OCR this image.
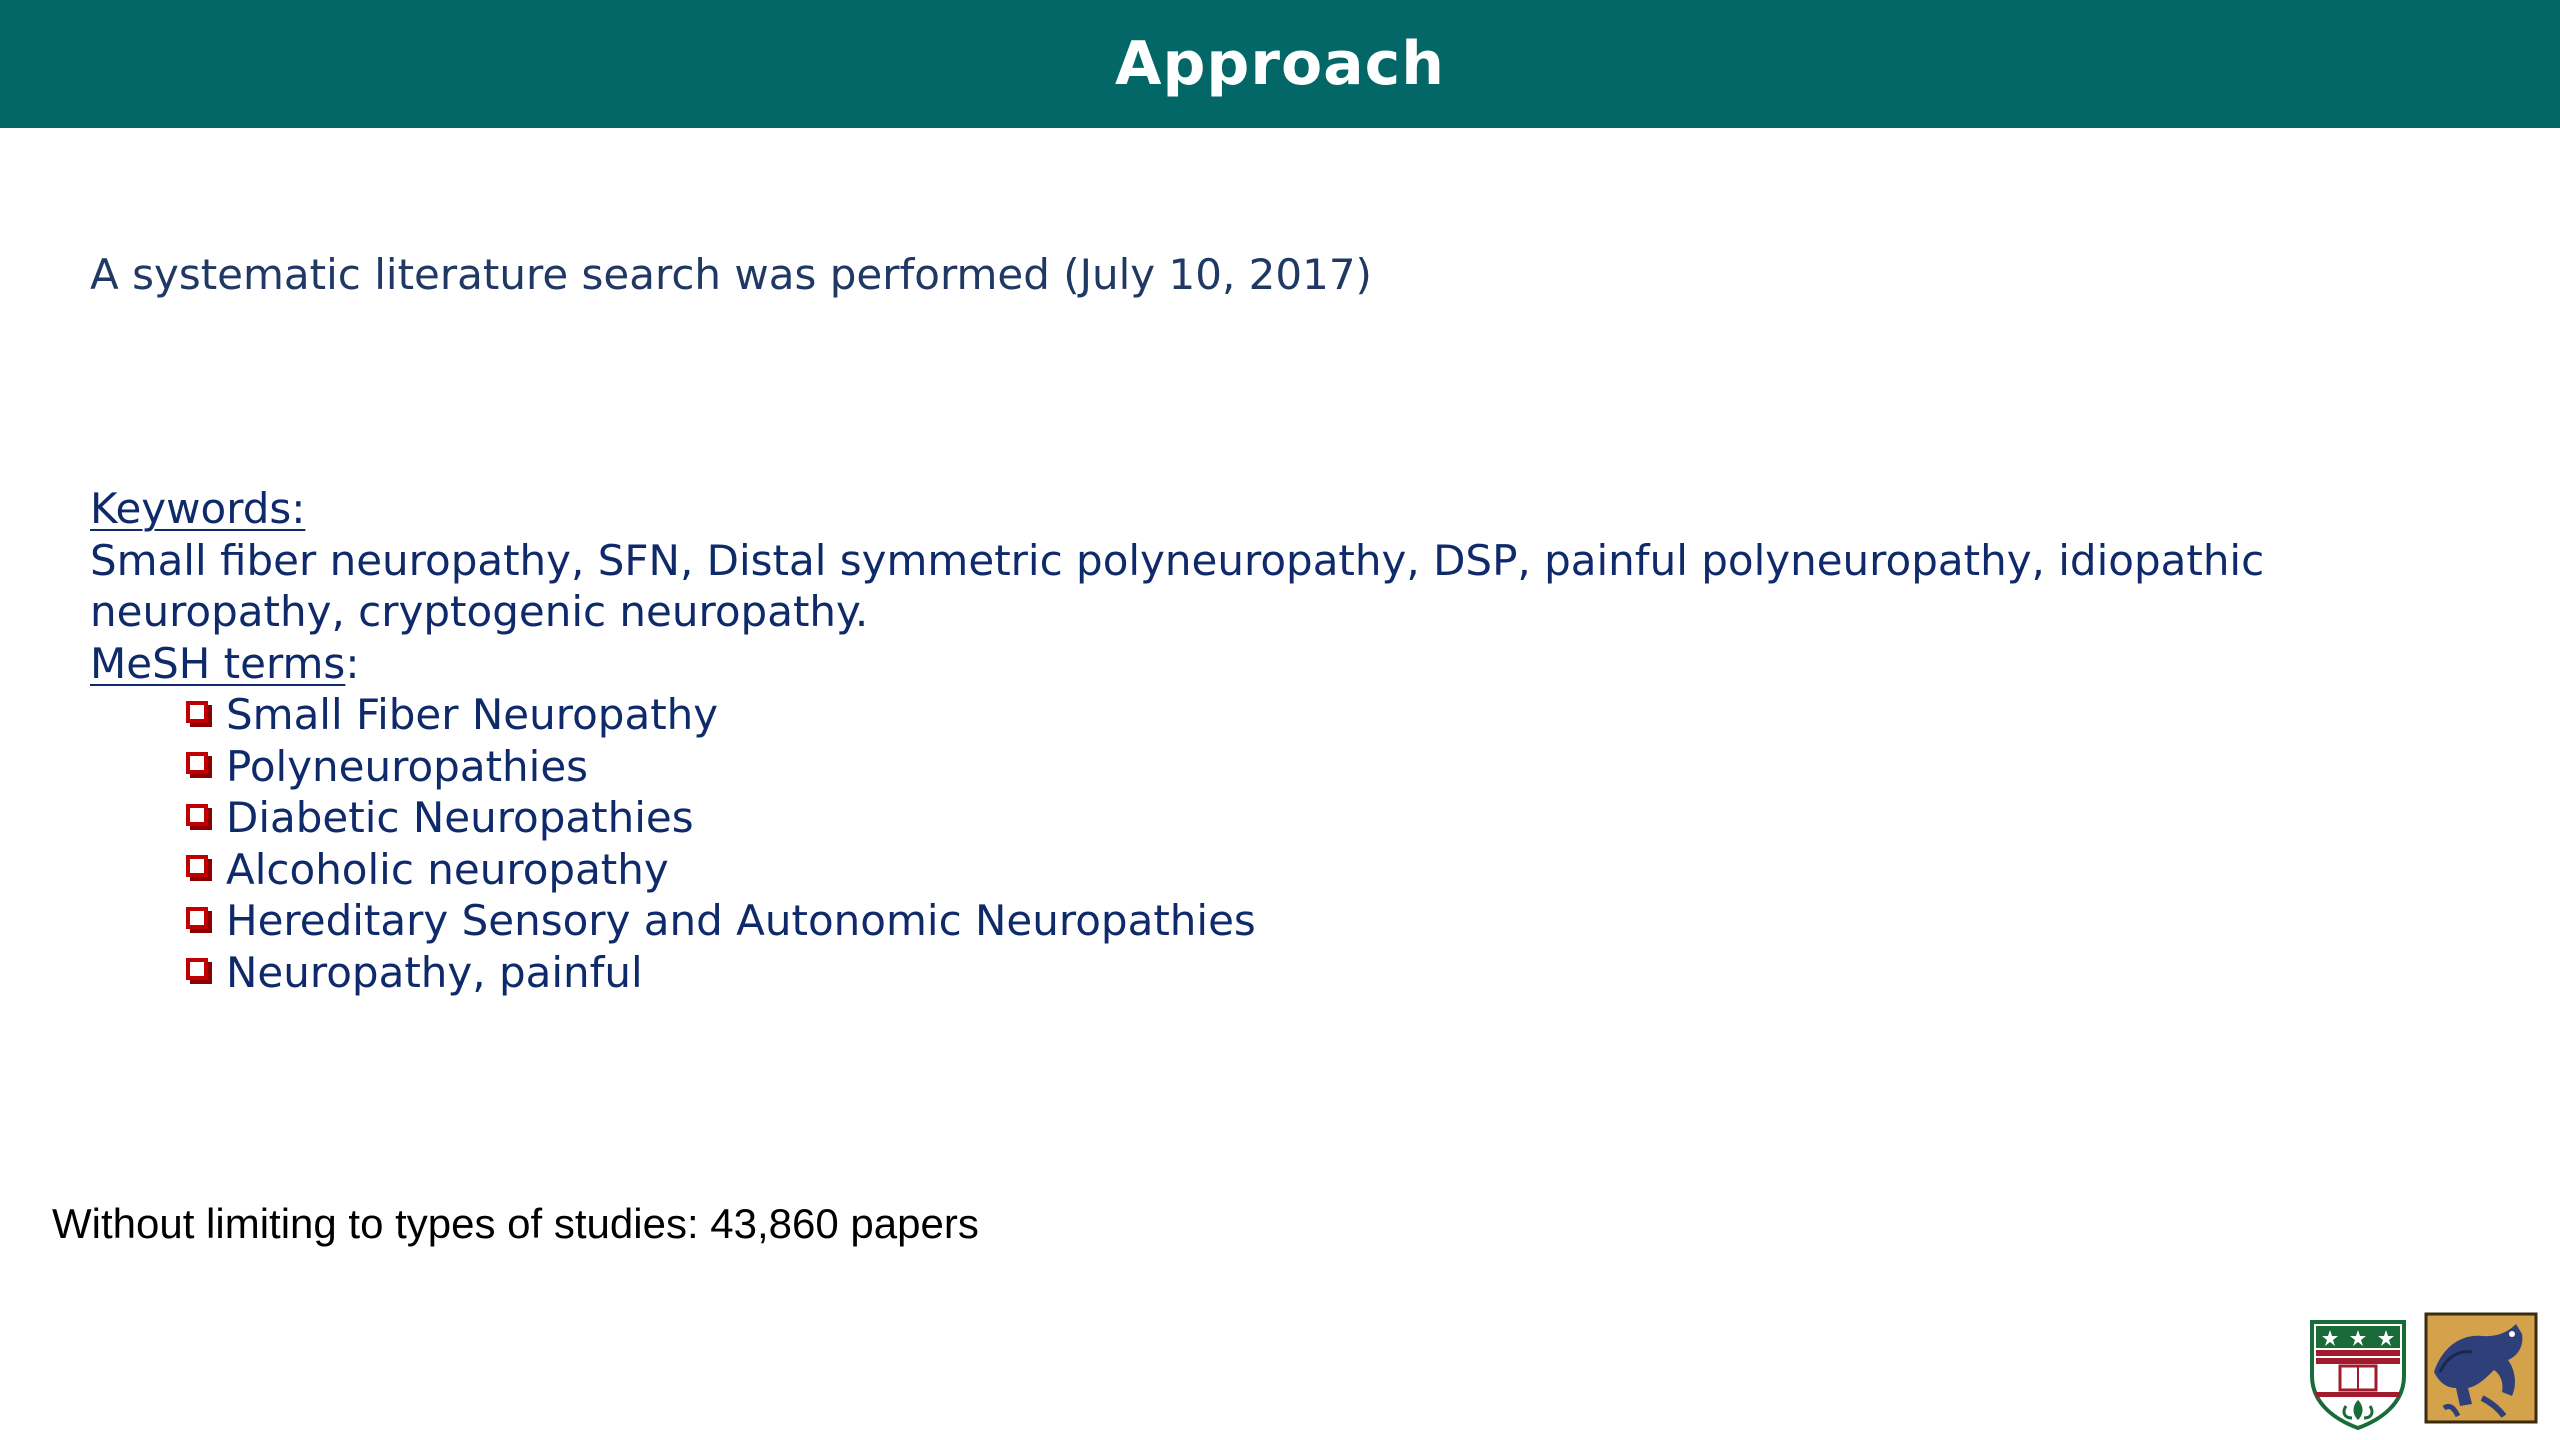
Approach
A systematic literature search was performed (July 10, 2017)
Keywords:
Small fiber neuropathy, SFN, Distal symmetric polyneuropathy, DSP, painful polyneuropathy, idiopathic neuropathy, cryptogenic neuropathy.
MeSH terms:
Small Fiber Neuropathy
Polyneuropathies
Diabetic Neuropathies
Alcoholic neuropathy
Hereditary Sensory and Autonomic Neuropathies
Neuropathy, painful
Without limiting to types of studies: 43,860 papers
